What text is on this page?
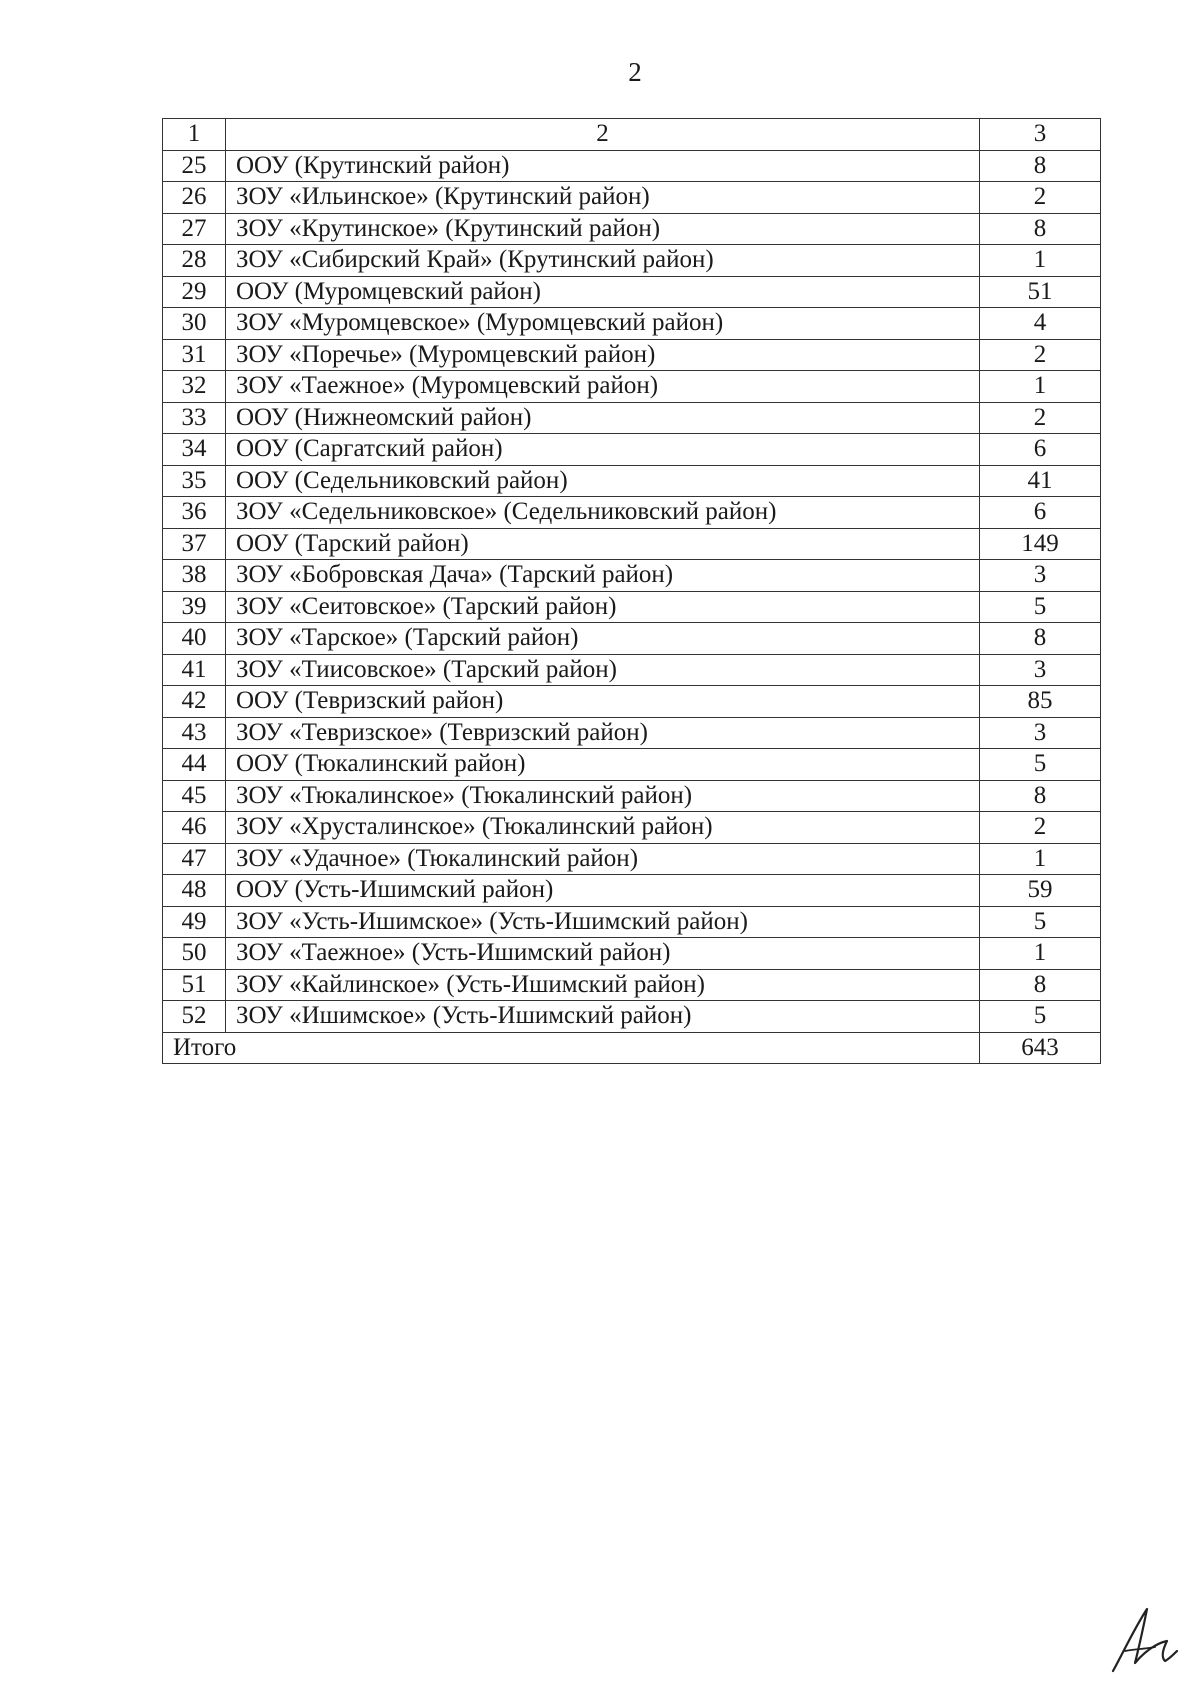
2
1	2	3
25	ООУ (Крутинский район)	8
26	ЗОУ «Ильинское» (Крутинский район)	2
27	ЗОУ «Крутинское» (Крутинский район)	8
28	ЗОУ «Сибирский Край» (Крутинский район)	1
29	ООУ (Муромцевский район)	51
30	ЗОУ «Муромцевское» (Муромцевский район)	4
31	ЗОУ «Поречье» (Муромцевский район)	2
32	ЗОУ «Таежное» (Муромцевский район)	1
33	ООУ (Нижнеомский район)	2
34	ООУ (Саргатский район)	6
35	ООУ (Седельниковский район)	41
36	ЗОУ «Седельниковское» (Седельниковский район)	6
37	ООУ (Тарский район)	149
38	ЗОУ «Бобровская Дача» (Тарский район)	3
39	ЗОУ «Сеитовское» (Тарский район)	5
40	ЗОУ «Тарское» (Тарский район)	8
41	ЗОУ «Тиисовское» (Тарский район)	3
42	ООУ (Тевризский район)	85
43	ЗОУ «Тевризское» (Тевризский район)	3
44	ООУ (Тюкалинский район)	5
45	ЗОУ «Тюкалинское» (Тюкалинский район)	8
46	ЗОУ «Хрусталинское» (Тюкалинский район)	2
47	ЗОУ «Удачное» (Тюкалинский район)	1
48	ООУ (Усть-Ишимский район)	59
49	ЗОУ «Усть-Ишимское» (Усть-Ишимский район)	5
50	ЗОУ «Таежное» (Усть-Ишимский район)	1
51	ЗОУ «Кайлинское» (Усть-Ишимский район)	8
52	ЗОУ «Ишимское» (Усть-Ишимский район)	5
Итого		643
